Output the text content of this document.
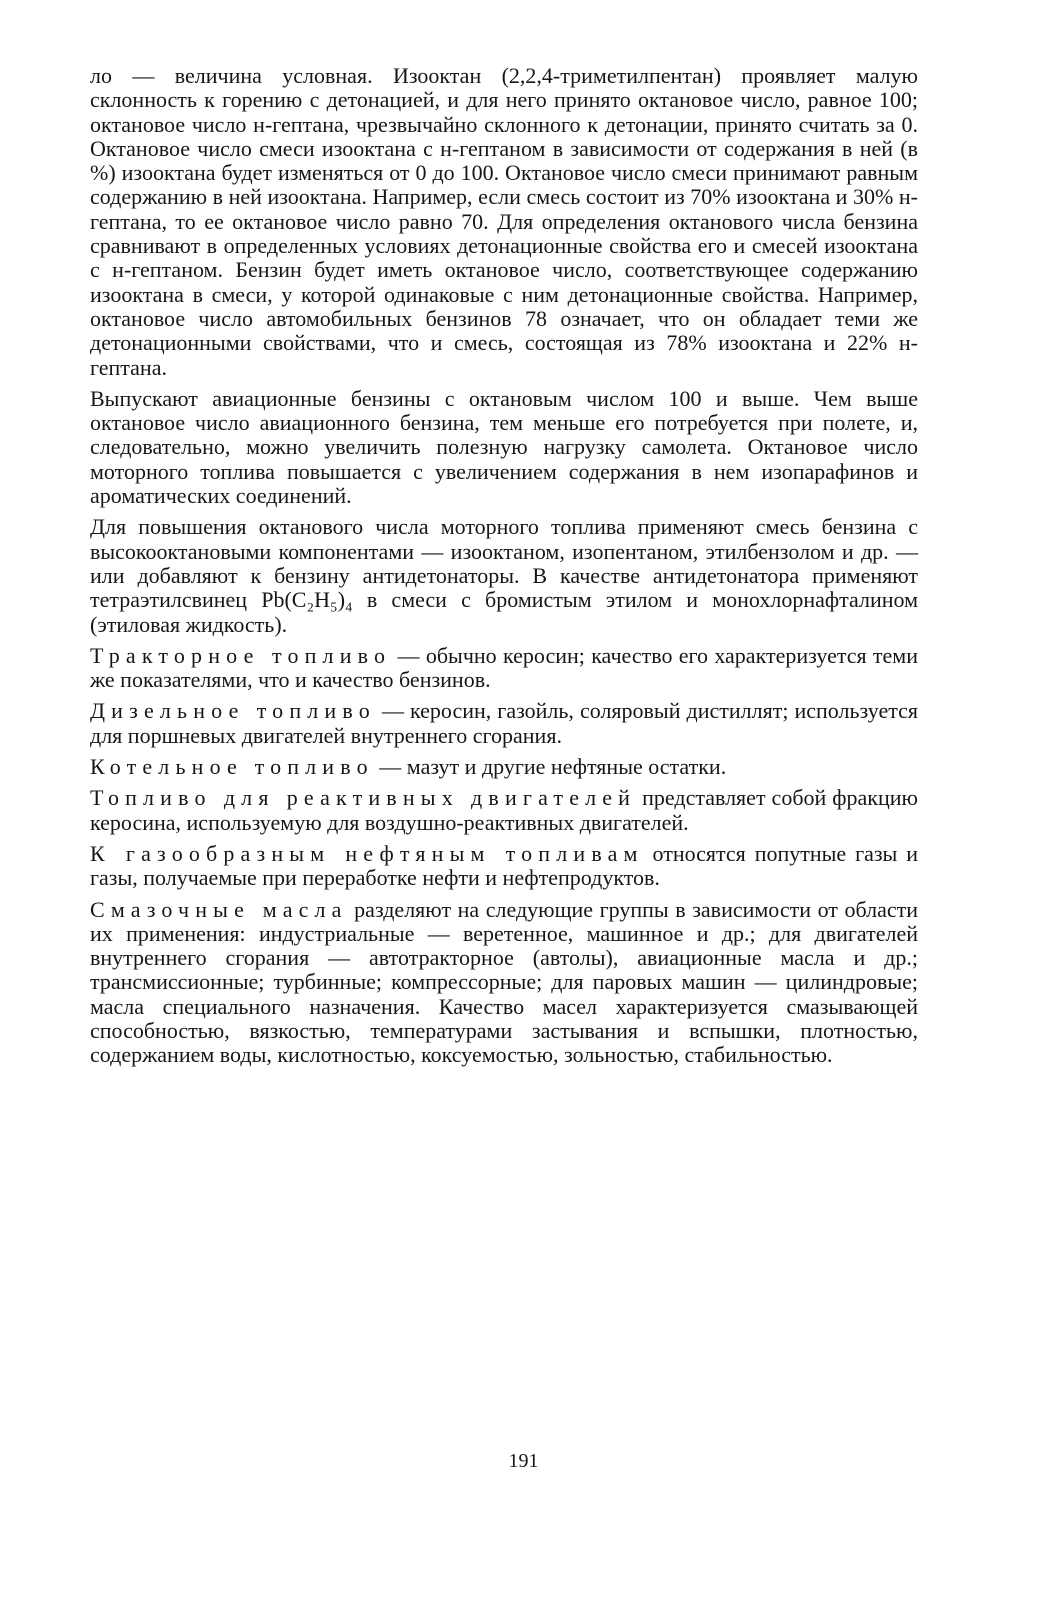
ло — величина условная. Изооктан (2,2,4-триметилпентан) проявляет малую склонность к горению с детонацией, и для него принято октановое число, равное 100; октановое число н-гептана, чрезвычайно склонного к детонации, принято считать за 0. Октановое число смеси изооктана с н-гептаном в зависимости от содержания в ней (в %) изооктана будет изменяться от 0 до 100. Октановое число смеси принимают равным содержанию в ней изооктана. Например, если смесь состоит из 70% изооктана и 30% н-гептана, то ее октановое число равно 70. Для определения октанового числа бензина сравнивают в определенных условиях детонационные свойства его и смесей изооктана с н-гептаном. Бензин будет иметь октановое число, соответствующее содержанию изооктана в смеси, у которой одинаковые с ним детонационные свойства. Например, октановое число автомобильных бензинов 78 означает, что он обладает теми же детонационными свойствами, что и смесь, состоящая из 78% изооктана и 22% н-гептана.

Выпускают авиационные бензины с октановым числом 100 и выше. Чем выше октановое число авиационного бензина, тем меньше его потребуется при полете, и, следовательно, можно увеличить полезную нагрузку самолета. Октановое число моторного топлива повышается с увеличением содержания в нем изопарафинов и ароматических соединений.

Для повышения октанового числа моторного топлива применяют смесь бензина с высокооктановыми компонентами — изооктаном, изопентаном, этилбензолом и др. — или добавляют к бензину антидетонаторы. В качестве антидетонатора применяют тетраэтилсвинец Pb(C₂H₅)₄ в смеси с бромистым этилом и монохлорнафталином (этиловая жидкость).

Тракторное топливо — обычно керосин; качество его характеризуется теми же показателями, что и качество бензинов.

Дизельное топливо — керосин, газойль, соляровый дистиллят; используется для поршневых двигателей внутреннего сгорания.

Котельное топливо — мазут и другие нефтяные остатки.

Топливо для реактивных двигателей представляет собой фракцию керосина, используемую для воздушно-реактивных двигателей.

К газообразным нефтяным топливам относятся попутные газы и газы, получаемые при переработке нефти и нефтепродуктов.

Смазочные масла разделяют на следующие группы в зависимости от области их применения: индустриальные — веретенное, машинное и др.; для двигателей внутреннего сгорания — автотракторное (автолы), авиационные масла и др.; трансмиссионные; турбинные; компрессорные; для паровых машин — цилиндровые; масла специального назначения. Качество масел характеризуется смазывающей способностью, вязкостью, температурами застывания и вспышки, плотностью, содержанием воды, кислотностью, коксуемостью, зольностью, стабильностью.

191
